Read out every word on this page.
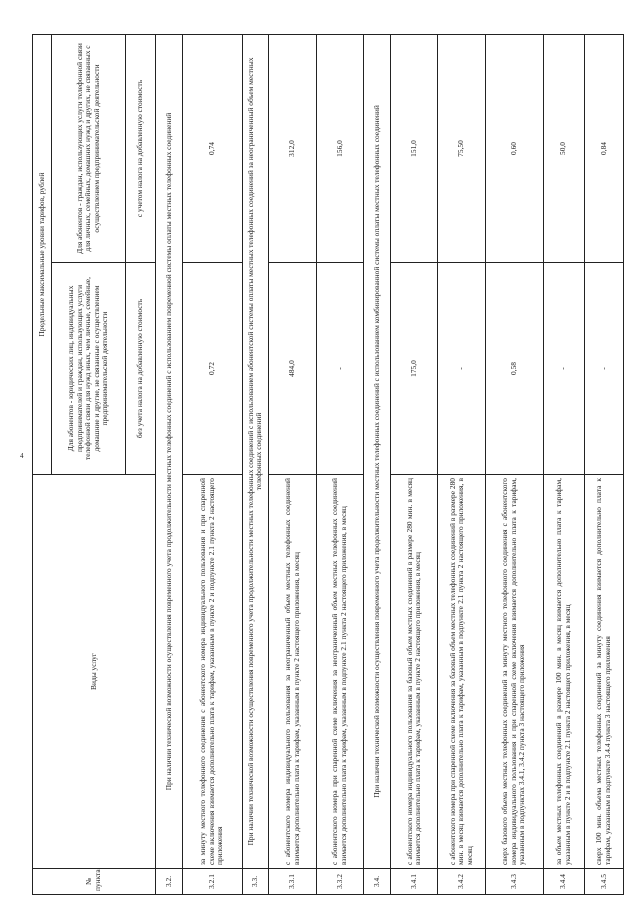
4
№ пункта	Виды услуг	Предельные максимальные уровни тарифов, рублей	
		Для абонентов - юридических лиц, индивидуальных предпринимателей и граждан, использующих услуги телефонной связи для нужд иных, чем личные, семейные, домашние и другие, не связанные с осуществлением предпринимательской деятельности	Для абонентов - граждан, использующих услуги телефонной связи для личных, семейных, домашних нужд и других, не связанных с осуществлением предпринимательской деятельности
		без учета налога на добавленную стоимость	с учетом налога на добавленную стоимость
3.2.	При наличии технической возможности осуществления повременного учета продолжительности местных телефонных соединений с использованием повременной системы оплаты местных телефонных соединений		
3.2.1	за минуту местного телефонного соединения с абонентского номера индивидуального пользования и при спаренной схеме включения взимается дополнительно плата к тарифам, указанным в пункте 2 и подпункте 2.1 пункта 2 настоящего приложения	0,72	0,74
3.3.	При наличии технической возможности осуществления повременного учета продолжительности местных телефонных соединений с использованием абонентской системы оплаты местных телефонных соединений за неограниченный объем местных телефонных соединений		
3.3.1	с абонентского номера индивидуального пользования за неограниченный объем местных телефонных соединений взимается дополнительно плата к тарифам, указанным в пункте 2 настоящего приложения, в месяц	484,0	312,0
3.3.2	с абонентского номера при спаренной схеме включения за неограниченный объем местных телефонных соединений взимается дополнительно плата к тарифам, указанным в подпункте 2.1 пункта 2 настоящего приложения, в месяц	-	156,0
3.4.	При наличии технической возможности осуществления повременного учета продолжительности местных телефонных соединений с использованием комбинированной системы оплаты местных телефонных соединений		
3.4.1	с абонентского номера индивидуального пользования за базовый объем местных соединений в размере 280 мин. в месяц взимается дополнительно плата к тарифам, указанным в пункте 2 настоящего приложения, в месяц	175,0	151,0
3.4.2	с абонентского номера при спаренной схеме включения за базовый объем местных телефонных соединений в размере 280 мин. в месяц взимается дополнительно плата к тарифам, указанным в подпункте 2.1 пункта 2 настоящего приложения, в месяц	-	75,50
3.4.3	сверх базового объема местных телефонных соединений за минуту местного телефонного соединения с абонентского номера индивидуального пользования и при спаренной схеме включения взимается дополнительно плата к тарифам, указанным в подпунктах 3.4.1, 3.4.2 пункта 3 настоящего приложения	0,58	0,60
3.4.4	за объем местных телефонных соединений в размере 100 мин. в месяц взимается дополнительно плата к тарифам, указанным в пункте 2 и в подпункте 2.1 пункта 2 настоящего приложения, в месяц	-	50,0
3.4.5	сверх 100 мин. объема местных телефонных соединений за минуту соединения взимается дополнительно плата к тарифам, указанным в подпункте 3.4.4 пункта 3 настоящего приложения	-	0,84
